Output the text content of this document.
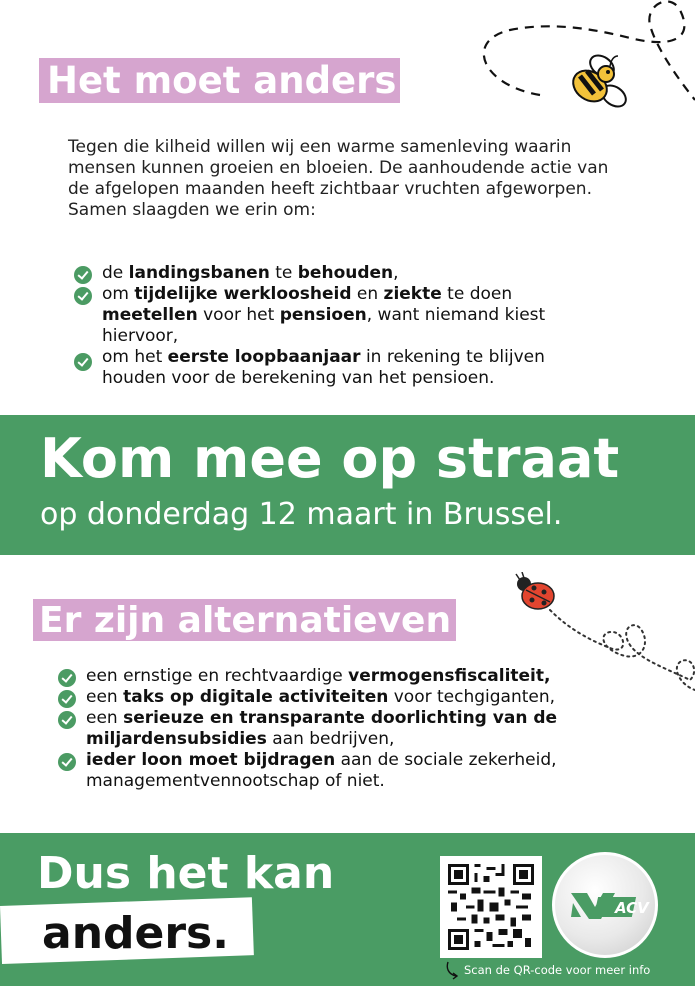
Het moet anders

Tegen die kilheid willen wij een warme samenleving waarin mensen kunnen groeien en bloeien. De aanhoudende actie van de afgelopen maanden heeft zichtbaar vruchten afgeworpen. Samen slaagden we erin om:

de landingsbanen te behouden,
om tijdelijke werkloosheid en ziekte te doen meetellen voor het pensioen, want niemand kiest hiervoor,
om het eerste loopbaanjaar in rekening te blijven houden voor de berekening van het pensioen.
Kom mee op straat
op donderdag 12 maart in Brussel.
Er zijn alternatieven
een ernstige en rechtvaardige vermogensfiscaliteit,
een taks op digitale activiteiten voor techgiganten,
een serieuze en transparante doorlichting van de miljardensubsidies aan bedrijven,
ieder loon moet bijdragen aan de sociale zekerheid, managementvennootschap of niet.
Dus het kan
anders.	ACV
Scan de QR-code voor meer info
